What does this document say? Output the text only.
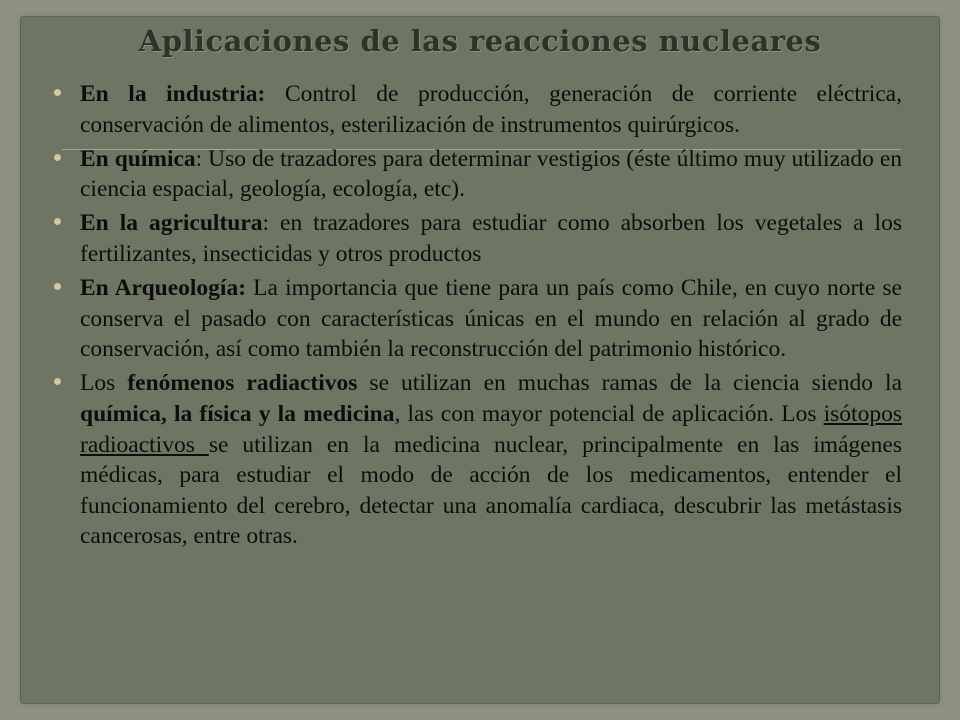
Aplicaciones de las reacciones nucleares
En la industria: Control de producción, generación de corriente eléctrica, conservación de alimentos, esterilización de instrumentos quirúrgicos.
En química: Uso de trazadores para determinar vestigios (éste último muy utilizado en ciencia espacial, geología, ecología, etc).
En la agricultura: en trazadores para estudiar como absorben los vegetales a los fertilizantes, insecticidas y otros productos
En Arqueología: La importancia que tiene para un país como Chile, en cuyo norte se conserva el pasado con características únicas en el mundo en relación al grado de conservación, así como también la reconstrucción del patrimonio histórico.
Los fenómenos radiactivos se utilizan en muchas ramas de la ciencia siendo la química, la física y la medicina, las con mayor potencial de aplicación. Los isótopos radioactivos se utilizan en la medicina nuclear, principalmente en las imágenes médicas, para estudiar el modo de acción de los medicamentos, entender el funcionamiento del cerebro, detectar una anomalía cardiaca, descubrir las metástasis cancerosas, entre otras.
